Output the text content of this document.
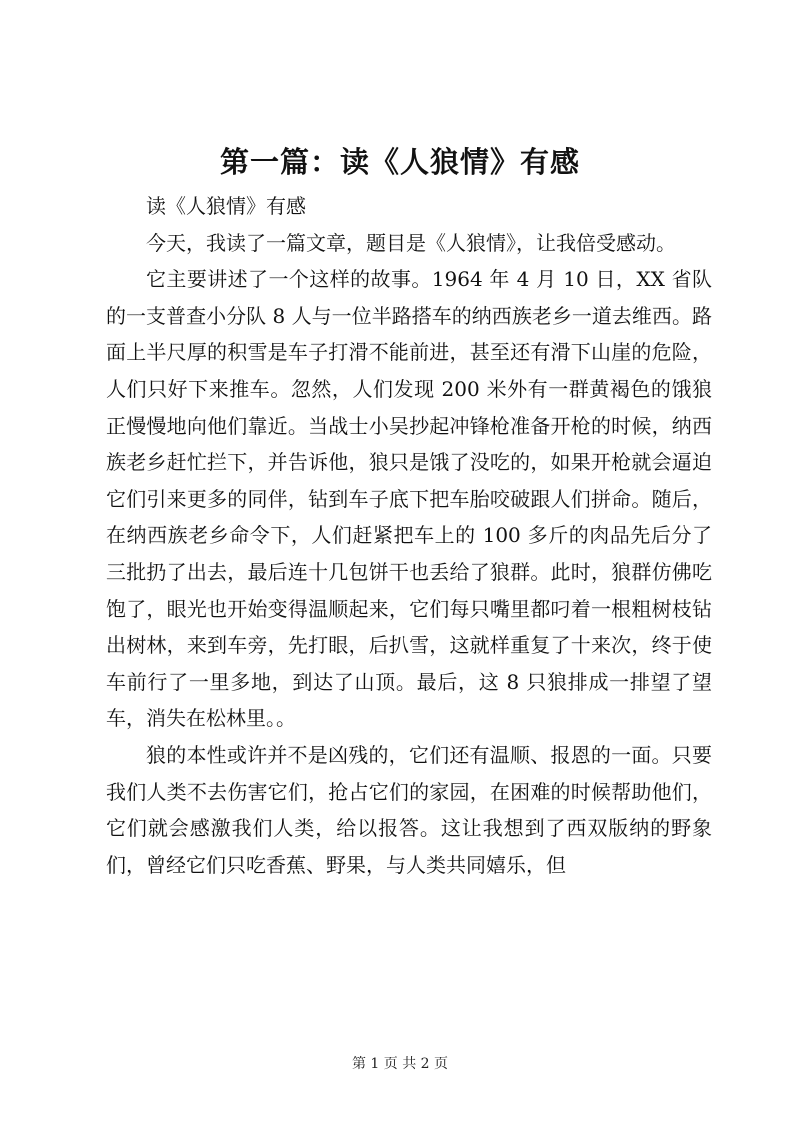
第一篇：读《人狼情》有感

读《人狼情》有感

今天，我读了一篇文章，题目是《人狼情》，让我倍受感动。

它主要讲述了一个这样的故事。1964 年 4 月 10 日，XX 省队的一支普查小分队 8 人与一位半路搭车的纳西族老乡一道去维西。路面上半尺厚的积雪是车子打滑不能前进，甚至还有滑下山崖的危险，人们只好下来推车。忽然，人们发现 200 米外有一群黄褐色的饿狼正慢慢地向他们靠近。当战士小吴抄起冲锋枪准备开枪的时候，纳西族老乡赶忙拦下，并告诉他，狼只是饿了没吃的，如果开枪就会逼迫它们引来更多的同伴，钻到车子底下把车胎咬破跟人们拼命。随后，在纳西族老乡命令下，人们赶紧把车上的 100 多斤的肉品先后分了三批扔了出去，最后连十几包饼干也丢给了狼群。此时，狼群仿佛吃饱了，眼光也开始变得温顺起来，它们每只嘴里都叼着一根粗树枝钻出树林，来到车旁，先打眼，后扒雪，这就样重复了十来次，终于使车前行了一里多地，到达了山顶。最后，这 8 只狼排成一排望了望车，消失在松林里。。

狼的本性或许并不是凶残的，它们还有温顺、报恩的一面。只要我们人类不去伤害它们，抢占它们的家园，在困难的时候帮助他们，它们就会感激我们人类，给以报答。这让我想到了西双版纳的野象们，曾经它们只吃香蕉、野果，与人类共同嬉乐，但

第 1 页 共 2 页
